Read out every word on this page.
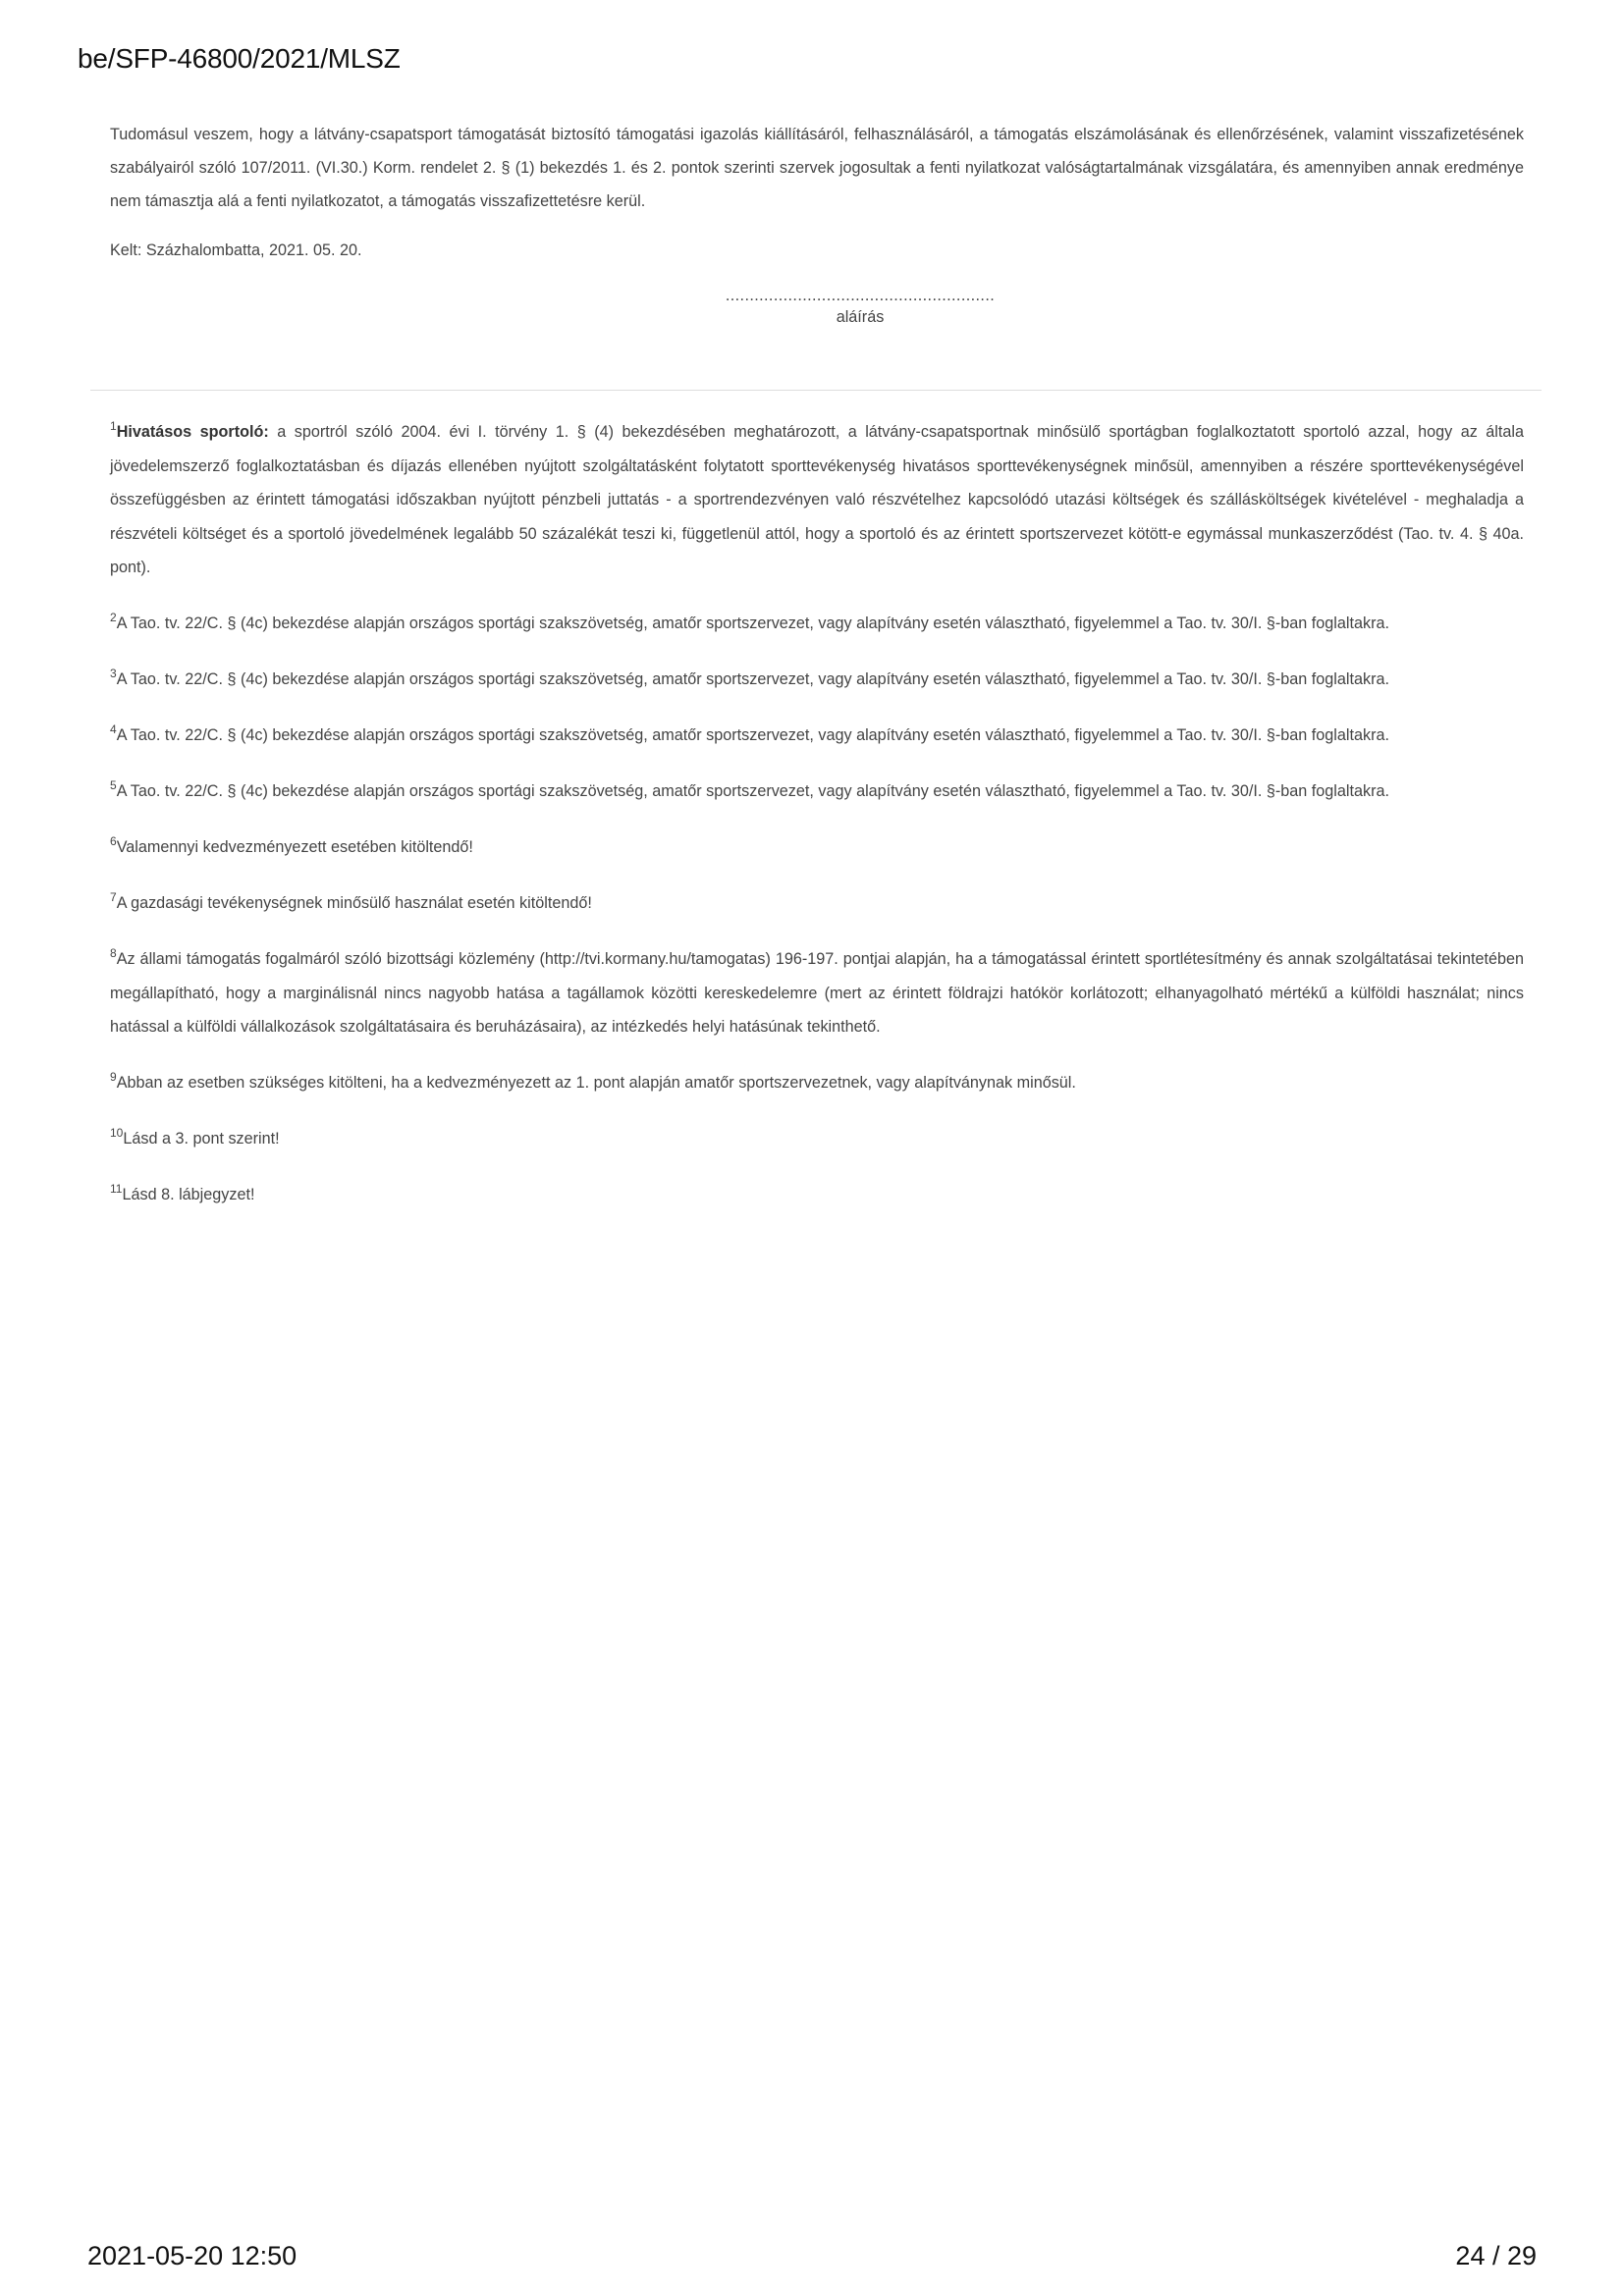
be/SFP-46800/2021/MLSZ

Tudomásul veszem, hogy a látvány-csapatsport támogatását biztosító támogatási igazolás kiállításáról, felhasználásáról, a támogatás elszámolásának és ellenőrzésének, valamint visszafizetésének szabályairól szóló 107/2011. (VI.30.) Korm. rendelet 2. § (1) bekezdés 1. és 2. pontok szerinti szervek jogosultak a fenti nyilatkozat valóságtartalmának vizsgálatára, és amennyiben annak eredménye nem támasztja alá a fenti nyilatkozatot, a támogatás visszafizettetésre kerül.

Kelt: Százhalombatta, 2021. 05. 20.

........................................................
aláírás

$^1$Hivatásos sportoló: a sportról szóló 2004. évi I. törvény 1. § (4) bekezdésében meghatározott, a látvány-csapatsportnak minősülő sportágban foglalkoztatott sportoló azzal, hogy az általa jövedelemszerző foglalkoztatásban és díjazás ellenében nyújtott szolgáltatásként folytatott sporttevékenység hivatásos sporttevékenységnek minősül, amennyiben a részére sporttevékenységével összefüggésben az érintett támogatási időszakban nyújtott pénzbeli juttatás - a sportrendezvényen való részvételhez kapcsolódó utazási költségek és szállásköltségek kivételével - meghaladja a részvételi költséget és a sportoló jövedelmének legalább 50 százalékát teszi ki, függetlenül attól, hogy a sportoló és az érintett sportszervezet kötött-e egymással munkaszerződést (Tao. tv. 4. § 40a. pont).

$^2$A Tao. tv. 22/C. § (4c) bekezdése alapján országos sportági szakszövetség, amatőr sportszervezet, vagy alapítvány esetén választható, figyelemmel a Tao. tv. 30/I. §-ban foglaltakra.

$^3$A Tao. tv. 22/C. § (4c) bekezdése alapján országos sportági szakszövetség, amatőr sportszervezet, vagy alapítvány esetén választható, figyelemmel a Tao. tv. 30/I. §-ban foglaltakra.

$^4$A Tao. tv. 22/C. § (4c) bekezdése alapján országos sportági szakszövetség, amatőr sportszervezet, vagy alapítvány esetén választható, figyelemmel a Tao. tv. 30/I. §-ban foglaltakra.

$^5$A Tao. tv. 22/C. § (4c) bekezdése alapján országos sportági szakszövetség, amatőr sportszervezet, vagy alapítvány esetén választható, figyelemmel a Tao. tv. 30/I. §-ban foglaltakra.

$^6$Valamennyi kedvezményezett esetében kitöltendő!

$^7$A gazdasági tevékenységnek minősülő használat esetén kitöltendő!

$^8$Az állami támogatás fogalmáról szóló bizottsági közlemény (http://tvi.kormany.hu/tamogatas) 196-197. pontjai alapján, ha a támogatással érintett sportlétesítmény és annak szolgáltatásai tekintetében megállapítható, hogy a marginálisnál nincs nagyobb hatása a tagállamok közötti kereskedelemre (mert az érintett földrajzi hatókör korlátozott; elhanyagolható mértékű a külföldi használat; nincs hatással a külföldi vállalkozások szolgáltatásaira és beruházásaira), az intézkedés helyi hatásúnak tekinthető.

$^9$Abban az esetben szükséges kitölteni, ha a kedvezményezett az 1. pont alapján amatőr sportszervezetnek, vagy alapítványnak minősül.

$^{10}$Lásd a 3. pont szerint!

$^{11}$Lásd 8. lábjegyzet!

2021-05-20 12:50	24 / 29
